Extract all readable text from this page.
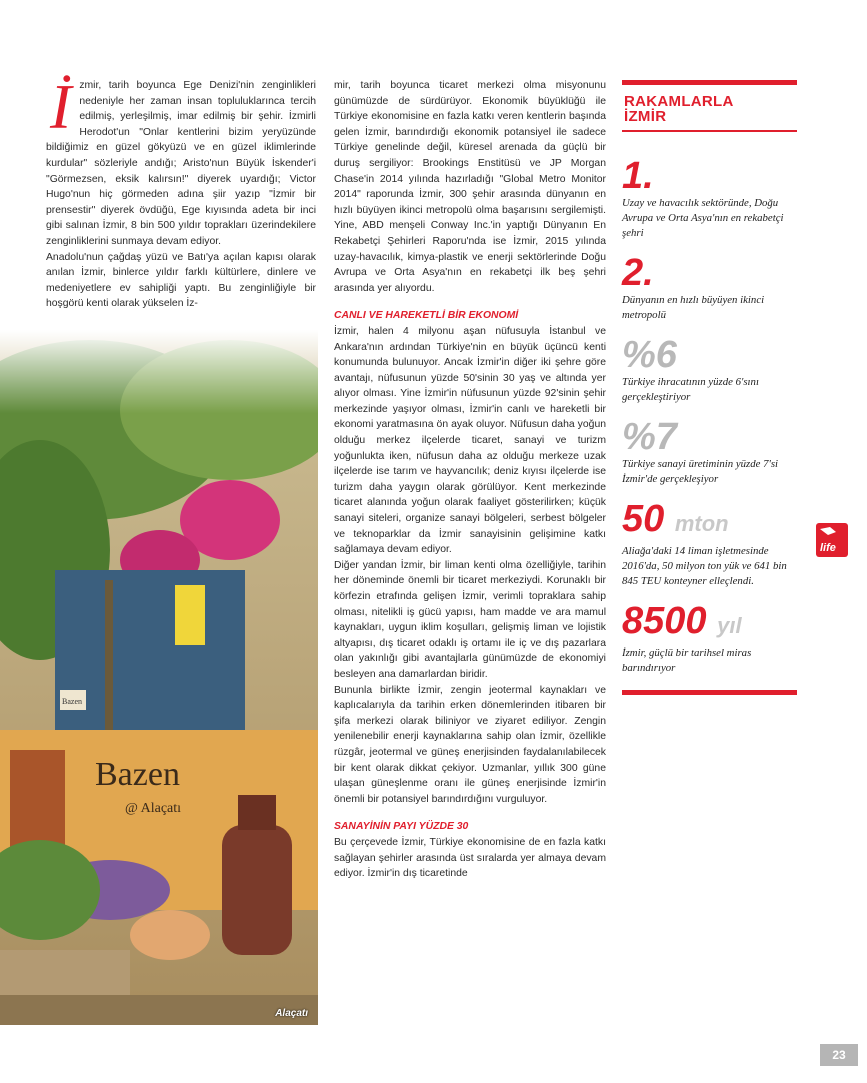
İ zmir, tarih boyunca Ege Denizi'nin zenginlikleri nedeniyle her zaman insan topluluklarınca tercih edilmiş, yerleşilmiş, imar edilmiş bir şehir. İzmirli Herodot'un "Onlar kentlerini bizim yeryüzünde bildiğimiz en güzel gökyüzü ve en güzel iklimlerinde kurdular" sözleriyle andığı; Aristo'nun Büyük İskender'i "Görmezsen, eksik kalırsın!" diyerek uyardığı; Victor Hugo'nun hiç görmeden adına şiir yazıp "İzmir bir prensestir" diyerek övdüğü, Ege kıyısında adeta bir inci gibi salınan İzmir, 8 bin 500 yıldır toprakları üzerindekilere zenginliklerini sunmaya devam ediyor.

Anadolu'nun çağdaş yüzü ve Batı'ya açılan kapısı olarak anılan İzmir, binlerce yıldır farklı kültürlere, dinlere ve medeniyetlere ev sahipliği yaptı. Bu zenginliğiyle bir hoşgörü kenti olarak yükselen İz-

Alaçatı

mir, tarih boyunca ticaret merkezi olma misyonunu günümüzde de sürdürüyor. Ekonomik büyüklüğü ile Türkiye ekonomisine en fazla katkı veren kentlerin başında gelen İzmir, barındırdığı ekonomik potansiyel ile sadece Türkiye genelinde değil, küresel arenada da güçlü bir duruş sergiliyor: Brookings Enstitüsü ve JP Morgan Chase'in 2014 yılında hazırladığı "Global Metro Monitor 2014" raporunda İzmir, 300 şehir arasında dünyanın en hızlı büyüyen ikinci metropolü olma başarısını sergilemişti. Yine, ABD menşeli Conway Inc.'in yaptığı Dünyanın En Rekabetçi Şehirleri Raporu'nda ise İzmir, 2015 yılında uzay-havacılık, kimya-plastik ve enerji sektörlerinde Doğu Avrupa ve Orta Asya'nın en rekabetçi ilk beş şehri arasında yer alıyordu.

CANLI VE HAREKETLİ BİR EKONOMİ

İzmir, halen 4 milyonu aşan nüfusuyla İstanbul ve Ankara'nın ardından Türkiye'nin en büyük üçüncü kenti konumunda bulunuyor. Ancak İzmir'in diğer iki şehre göre avantajı, nüfusunun yüzde 50'sinin 30 yaş ve altında yer alıyor olması. Yine İzmir'in nüfusunun yüzde 92'sinin şehir merkezinde yaşıyor olması, İzmir'in canlı ve hareketli bir ekonomi yaratmasına ön ayak oluyor. Nüfusun daha yoğun olduğu merkez ilçelerde ticaret, sanayi ve turizm yoğunlukta iken, nüfusun daha az olduğu merkeze uzak ilçelerde ise tarım ve hayvancılık; deniz kıyısı ilçelerde ise turizm daha yaygın olarak görülüyor. Kent merkezinde ticaret alanında yoğun olarak faaliyet gösterilirken; küçük sanayi siteleri, organize sanayi bölgeleri, serbest bölgeler ve teknoparklar da İzmir sanayisinin gelişimine katkı sağlamaya devam ediyor.

Diğer yandan İzmir, bir liman kenti olma özelliğiyle, tarihin her döneminde önemli bir ticaret merkeziydi. Korunaklı bir körfezin etrafında gelişen İzmir, verimli topraklara sahip olması, nitelikli iş gücü yapısı, ham madde ve ara mamul kaynakları, uygun iklim koşulları, gelişmiş liman ve lojistik altyapısı, dış ticaret odaklı iş ortamı ile iç ve dış pazarlara olan yakınlığı gibi avantajlarla günümüzde de ekonomiyi besleyen ana damarlardan biridir.

Bununla birlikte İzmir, zengin jeotermal kaynakları ve kaplıcalarıyla da tarihin erken dönemlerinden itibaren bir şifa merkezi olarak biliniyor ve ziyaret ediliyor. Zengin yenilenebilir enerji kaynaklarına sahip olan İzmir, özellikle rüzgâr, jeotermal ve güneş enerjisinden faydalanılabilecek bir kent olarak dikkat çekiyor. Uzmanlar, yıllık 300 güne ulaşan güneşlenme oranı ile güneş enerjisinde İzmir'in önemli bir potansiyel barındırdığını vurguluyor.

SANAYİNİN PAYI YÜZDE 30

Bu çerçevede İzmir, Türkiye ekonomisine de en fazla katkı sağlayan şehirler arasında üst sıralarda yer almaya devam ediyor. İzmir'in dış ticaretinde

RAKAMLARLA
İZMİR
1.
Uzay ve havacılık sektöründe, Doğu Avrupa ve Orta Asya'nın en rekabetçi şehri
2.
Dünyanın en hızlı büyüyen ikinci metropolü
%6
Türkiye ihracatının yüzde 6'sını gerçekleştiriyor
%7
Türkiye sanayi üretiminin yüzde 7'si İzmir'de gerçekleşiyor
50 mton
Aliağa'daki 14 liman işletmesinde 2016'da, 50 milyon ton yük ve 641 bin 845 TEU konteyner elleçlendi.
8500 yıl
İzmir, güçlü bir tarihsel miras barındırıyor
life
23
